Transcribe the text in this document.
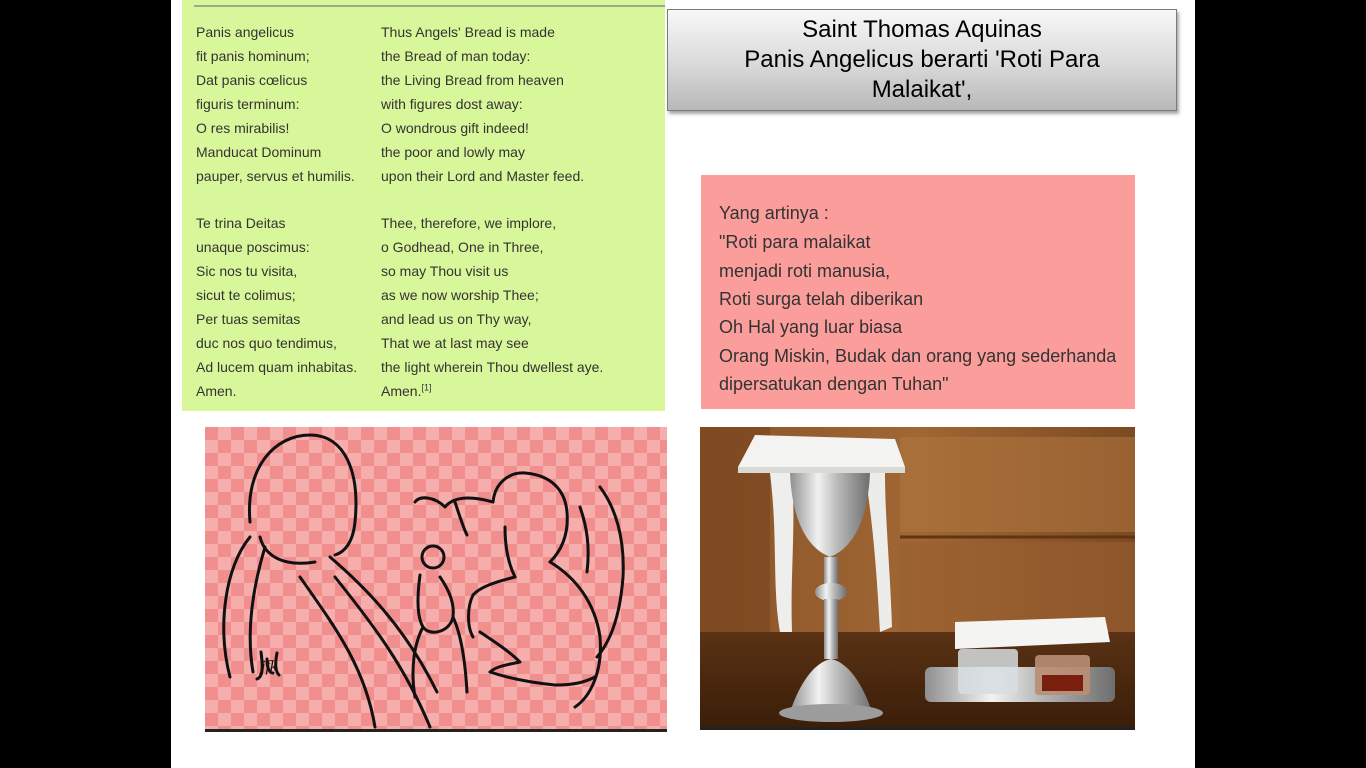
Panis angelicus
fit panis hominum;
Dat panis cœlicus
figuris terminum:
O res mirabilis!
Manducat Dominum
pauper, servus et humilis.
Te trina Deitas
unaque poscimus:
Sic nos tu visita,
sicut te colimus;
Per tuas semitas
duc nos quo tendimus,
Ad lucem quam inhabitas.
Amen.
Thus Angels' Bread is made
the Bread of man today:
the Living Bread from heaven
with figures dost away:
O wondrous gift indeed!
the poor and lowly may
upon their Lord and Master feed.
Thee, therefore, we implore,
o Godhead, One in Three,
so may Thou visit us
as we now worship Thee;
and lead us on Thy way,
That we at last may see
the light wherein Thou dwellest aye.
Amen.[1]
Saint Thomas Aquinas
Panis Angelicus berarti 'Roti Para Malaikat',
Yang artinya :
"Roti para malaikat
menjadi roti manusia,
Roti surga telah diberikan
Oh Hal yang luar biasa
Orang Miskin, Budak dan orang yang sederhanda
dipersatukan dengan Tuhan"
jfk
